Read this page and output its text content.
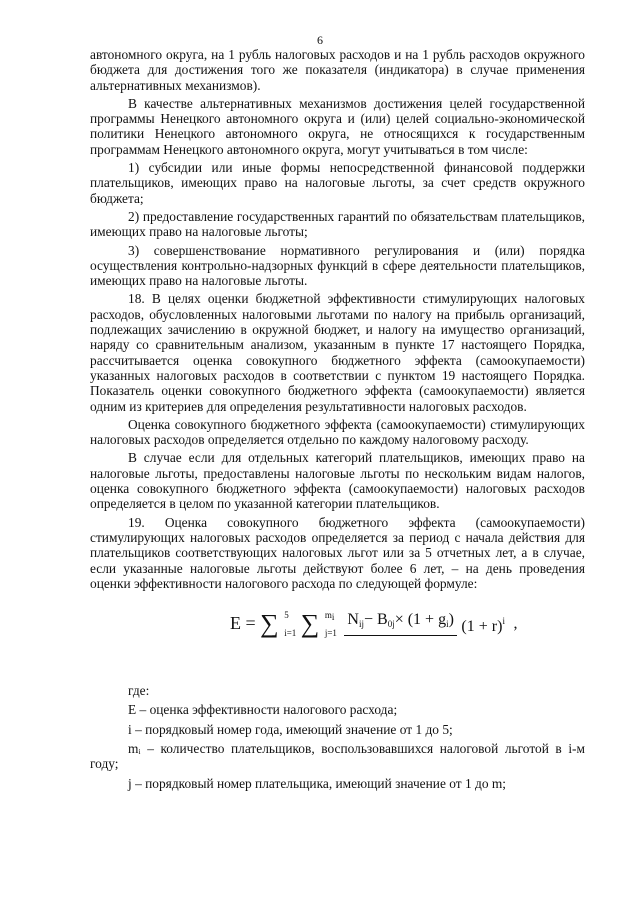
6

автономного округа, на 1 рубль налоговых расходов и на 1 рубль расходов окружного бюджета для достижения того же показателя (индикатора) в случае применения альтернативных механизмов).

В качестве альтернативных механизмов достижения целей государственной программы Ненецкого автономного округа и (или) целей социально-экономической политики Ненецкого автономного округа, не относящихся к государственным программам Ненецкого автономного округа, могут учитываться в том числе:

1) субсидии или иные формы непосредственной финансовой поддержки плательщиков, имеющих право на налоговые льготы, за счет средств окружного бюджета;

2) предоставление государственных гарантий по обязательствам плательщиков, имеющих право на налоговые льготы;

3) совершенствование нормативного регулирования и (или) порядка осуществления контрольно-надзорных функций в сфере деятельности плательщиков, имеющих право на налоговые льготы.

18. В целях оценки бюджетной эффективности стимулирующих налоговых расходов, обусловленных налоговыми льготами по налогу на прибыль организаций, подлежащих зачислению в окружной бюджет, и налогу на имущество организаций, наряду со сравнительным анализом, указанным в пункте 17 настоящего Порядка, рассчитывается оценка совокупного бюджетного эффекта (самоокупаемости) указанных налоговых расходов в соответствии с пунктом 19 настоящего Порядка. Показатель оценки совокупного бюджетного эффекта (самоокупаемости) является одним из критериев для определения результативности налоговых расходов.

Оценка совокупного бюджетного эффекта (самоокупаемости) стимулирующих налоговых расходов определяется отдельно по каждому налоговому расходу.

В случае если для отдельных категорий плательщиков, имеющих право на налоговые льготы, предоставлены налоговые льготы по нескольким видам налогов, оценка совокупного бюджетного эффекта (самоокупаемости) налоговых расходов определяется в целом по указанной категории плательщиков.

19. Оценка совокупного бюджетного эффекта (самоокупаемости) стимулирующих налоговых расходов определяется за период с начала действия для плательщиков соответствующих налоговых льгот или за 5 отчетных лет, а в случае, если указанные налоговые льготы действуют более 6 лет, – на день проведения оценки эффективности налогового расхода по следующей формуле:

E = ∑ 5
i=1 ∑ $m_i$
j=1
$N_{ij}- B_{0j}\times (1 + g_i) (1 + r)^i$ ,

где:

E – оценка эффективности налогового расхода;

i – порядковый номер года, имеющий значение от 1 до 5;

mᵢ – количество плательщиков, воспользовавшихся налоговой льготой в i-м году;

j – порядковый номер плательщика, имеющий значение от 1 до m;
